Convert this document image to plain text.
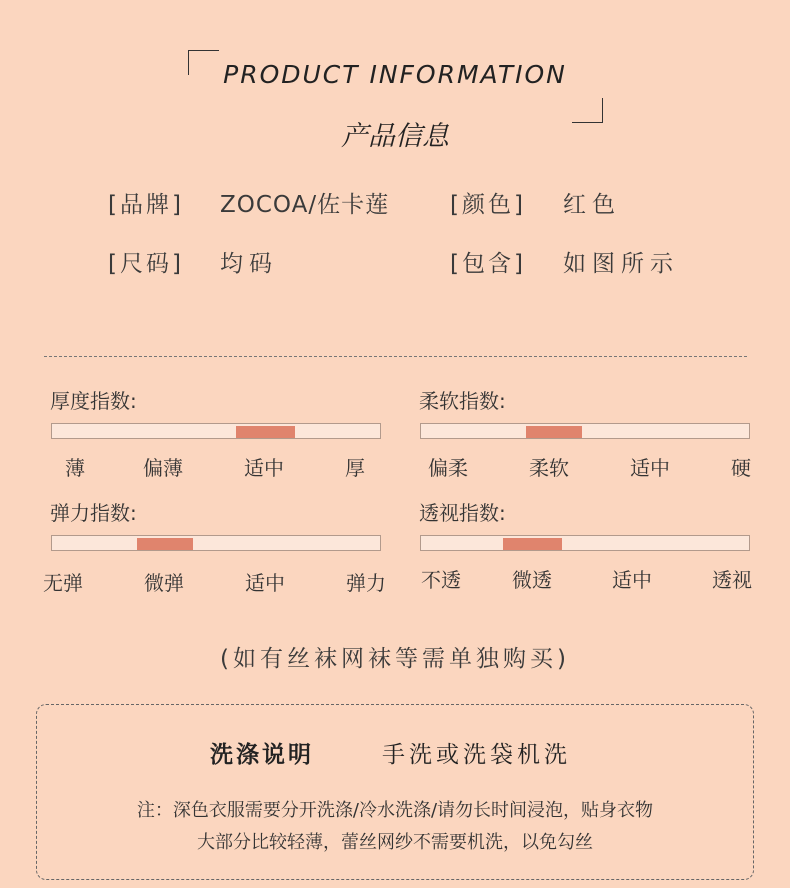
PRODUCT INFORMATION
产品信息
[品牌] ZOCOA/佐卡莲	[颜色] 红色
[尺码] 均码	[包含] 如图所示
厚度指数:
薄	偏薄	适中	厚
柔软指数:
偏柔	柔软	适中	硬
弹力指数:
无弹	微弹	适中	弹力
透视指数:
不透	微透	适中	透视
(如有丝袜网袜等需单独购买)
洗涤说明	手洗或洗袋机洗
注：深色衣服需要分开洗涤/冷水洗涤/请勿长时间浸泡，贴身衣物
大部分比较轻薄，蕾丝网纱不需要机洗，以免勾丝
